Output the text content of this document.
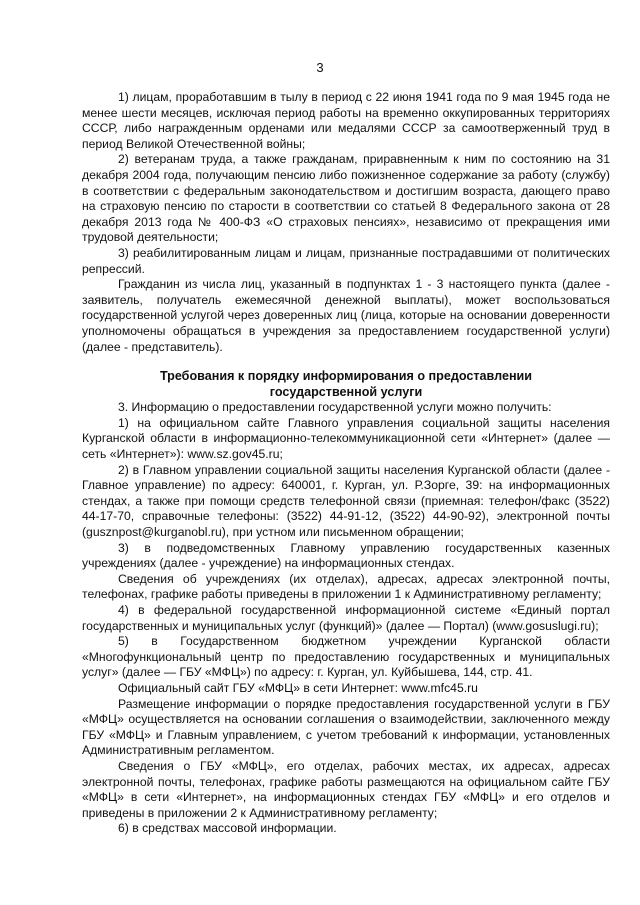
3

1) лицам, проработавшим в тылу в период с 22 июня 1941 года по 9 мая 1945 года не менее шести месяцев, исключая период работы на временно оккупированных территориях СССР, либо награжденным орденами или медалями СССР за самоотверженный труд в период Великой Отечественной войны;

2) ветеранам труда, а также гражданам, приравненным к ним по состоянию на 31 декабря 2004 года, получающим пенсию либо пожизненное содержание за работу (службу) в соответствии с федеральным законодательством и достигшим возраста, дающего право на страховую пенсию по старости в соответствии со статьей 8 Федерального закона от 28 декабря 2013 года № 400-ФЗ «О страховых пенсиях», независимо от прекращения ими трудовой деятельности;

3) реабилитированным лицам и лицам, признанные пострадавшими от политических репрессий.

Гражданин из числа лиц, указанный в подпунктах 1 - 3 настоящего пункта (далее - заявитель, получатель ежемесячной денежной выплаты), может воспользоваться государственной услугой через доверенных лиц (лица, которые на основании доверенности уполномочены обращаться в учреждения за предоставлением государственной услуги) (далее - представитель).

Требования к порядку информирования о предоставлении
государственной услуги

3. Информацию о предоставлении государственной услуги можно получить:

1) на официальном сайте Главного управления социальной защиты населения Курганской области в информационно-телекоммуникационной сети «Интернет» (далее — сеть «Интернет»): www.sz.gov45.ru;

2) в Главном управлении социальной защиты населения Курганской области (далее - Главное управление) по адресу: 640001, г. Курган, ул. Р.Зорге, 39: на информационных стендах, а также при помощи средств телефонной связи (приемная: телефон/факс (3522) 44-17-70, справочные телефоны: (3522) 44-91-12, (3522) 44-90-92), электронной почты (gusznpost@kurganobl.ru), при устном или письменном обращении;

3) в подведомственных Главному управлению государственных казенных учреждениях (далее - учреждение) на информационных стендах.

Сведения об учреждениях (их отделах), адресах, адресах электронной почты, телефонах, графике работы приведены в приложении 1 к Административному регламенту;

4) в федеральной государственной информационной системе «Единый портал государственных и муниципальных услуг (функций)» (далее — Портал) (www.gosuslugi.ru);

5) в Государственном бюджетном учреждении Курганской области «Многофункциональный центр по предоставлению государственных и муниципальных услуг» (далее — ГБУ «МФЦ») по адресу: г. Курган, ул. Куйбышева, 144, стр. 41.

Официальный сайт ГБУ «МФЦ» в сети Интернет: www.mfc45.ru

Размещение информации о порядке предоставления государственной услуги в ГБУ «МФЦ» осуществляется на основании соглашения о взаимодействии, заключенного между ГБУ «МФЦ» и Главным управлением, с учетом требований к информации, установленных Административным регламентом.

Сведения о ГБУ «МФЦ», его отделах, рабочих местах, их адресах, адресах электронной почты, телефонах, графике работы размещаются на официальном сайте ГБУ «МФЦ» в сети «Интернет», на информационных стендах ГБУ «МФЦ» и его отделов и приведены в приложении 2 к Административному регламенту;

6) в средствах массовой информации.
